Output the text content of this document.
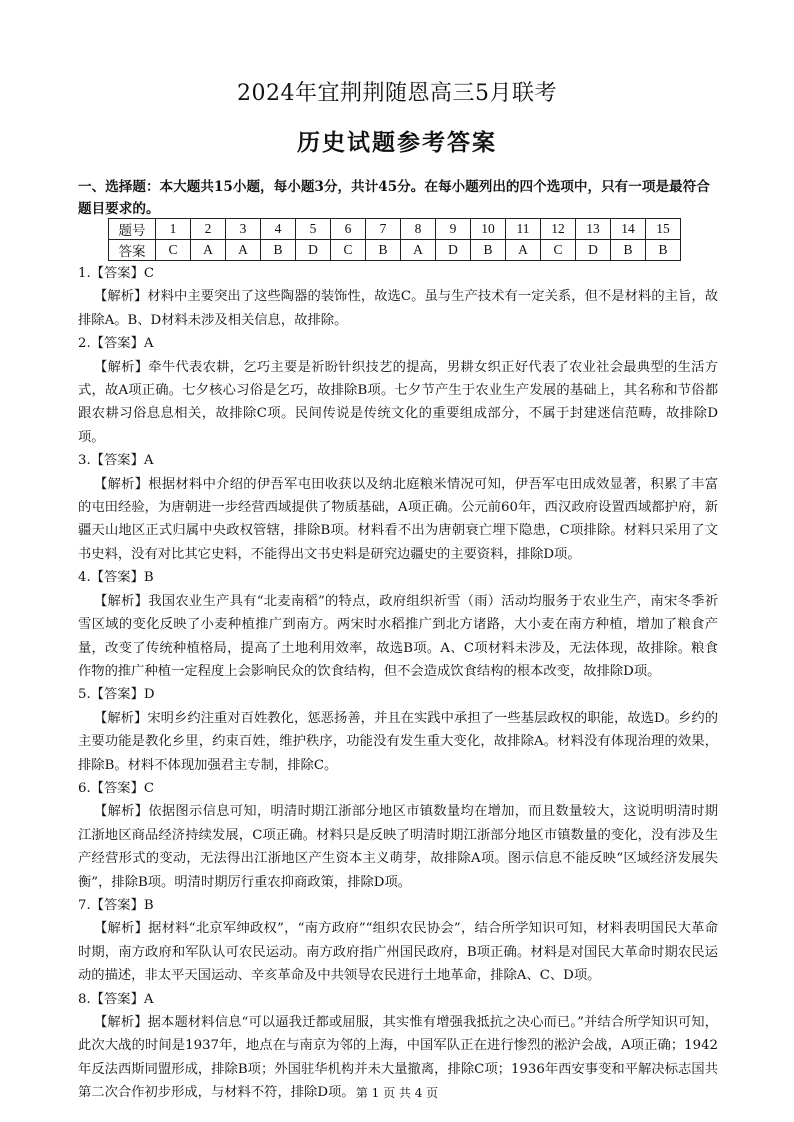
2024年宜荆荆随恩高三5月联考
历史试题参考答案
一、选择题：本大题共15小题，每小题3分，共计45分。在每小题列出的四个选项中，只有一项是最符合题目要求的。
题号	1	2	3	4	5	6	7	8	9	10	11	12	13	14	15
答案	C	A	A	B	D	C	B	A	D	B	A	C	D	B	B

1.【答案】C

【解析】材料中主要突出了这些陶器的装饰性，故选C。虽与生产技术有一定关系，但不是材料的主旨，故排除A。B、D材料未涉及相关信息，故排除。

2.【答案】A

【解析】牵牛代表农耕，乞巧主要是祈盼针织技艺的提高，男耕女织正好代表了农业社会最典型的生活方式，故A项正确。七夕核心习俗是乞巧，故排除B项。七夕节产生于农业生产发展的基础上，其名称和节俗都跟农耕习俗息息相关，故排除C项。民间传说是传统文化的重要组成部分，不属于封建迷信范畴，故排除D项。

3.【答案】A

【解析】根据材料中介绍的伊吾军屯田收获以及纳北庭粮米情况可知，伊吾军屯田成效显著，积累了丰富的屯田经验，为唐朝进一步经营西域提供了物质基础，A项正确。公元前60年，西汉政府设置西域都护府，新疆天山地区正式归属中央政权管辖，排除B项。材料看不出为唐朝衰亡埋下隐患，C项排除。材料只采用了文书史料，没有对比其它史料，不能得出文书史料是研究边疆史的主要资料，排除D项。

4.【答案】B

【解析】我国农业生产具有“北麦南稻”的特点，政府组织祈雪（雨）活动均服务于农业生产，南宋冬季祈雪区域的变化反映了小麦种植推广到南方。两宋时水稻推广到北方诸路，大小麦在南方种植，增加了粮食产量，改变了传统种植格局，提高了土地利用效率，故选B项。A、C项材料未涉及，无法体现，故排除。粮食作物的推广种植一定程度上会影响民众的饮食结构，但不会造成饮食结构的根本改变，故排除D项。

5.【答案】D

【解析】宋明乡约注重对百姓教化，惩恶扬善，并且在实践中承担了一些基层政权的职能，故选D。乡约的主要功能是教化乡里，约束百姓，维护秩序，功能没有发生重大变化，故排除A。材料没有体现治理的效果，排除B。材料不体现加强君主专制，排除C。

6.【答案】C

【解析】依据图示信息可知，明清时期江浙部分地区市镇数量均在增加，而且数量较大，这说明明清时期江浙地区商品经济持续发展，C项正确。材料只是反映了明清时期江浙部分地区市镇数量的变化，没有涉及生产经营形式的变动，无法得出江浙地区产生资本主义萌芽，故排除A项。图示信息不能反映“区域经济发展失衡”，排除B项。明清时期厉行重农抑商政策，排除D项。

7.【答案】B

【解析】据材料“北京军绅政权”，“南方政府”“组织农民协会”，结合所学知识可知，材料表明国民大革命时期，南方政府和军队认可农民运动。南方政府指广州国民政府，B项正确。材料是对国民大革命时期农民运动的描述，非太平天国运动、辛亥革命及中共领导农民进行土地革命，排除A、C、D项。

8.【答案】A

【解析】据本题材料信息“可以逼我迁都或屈服，其实惟有增强我抵抗之决心而已。”并结合所学知识可知，此次大战的时间是1937年，地点在与南京为邻的上海，中国军队正在进行惨烈的淞沪会战，A项正确；1942年反法西斯同盟形成，排除B项；外国驻华机构并未大量撤离，排除C项；1936年西安事变和平解决标志国共第二次合作初步形成，与材料不符，排除D项。 第 1 页 共 4 页
